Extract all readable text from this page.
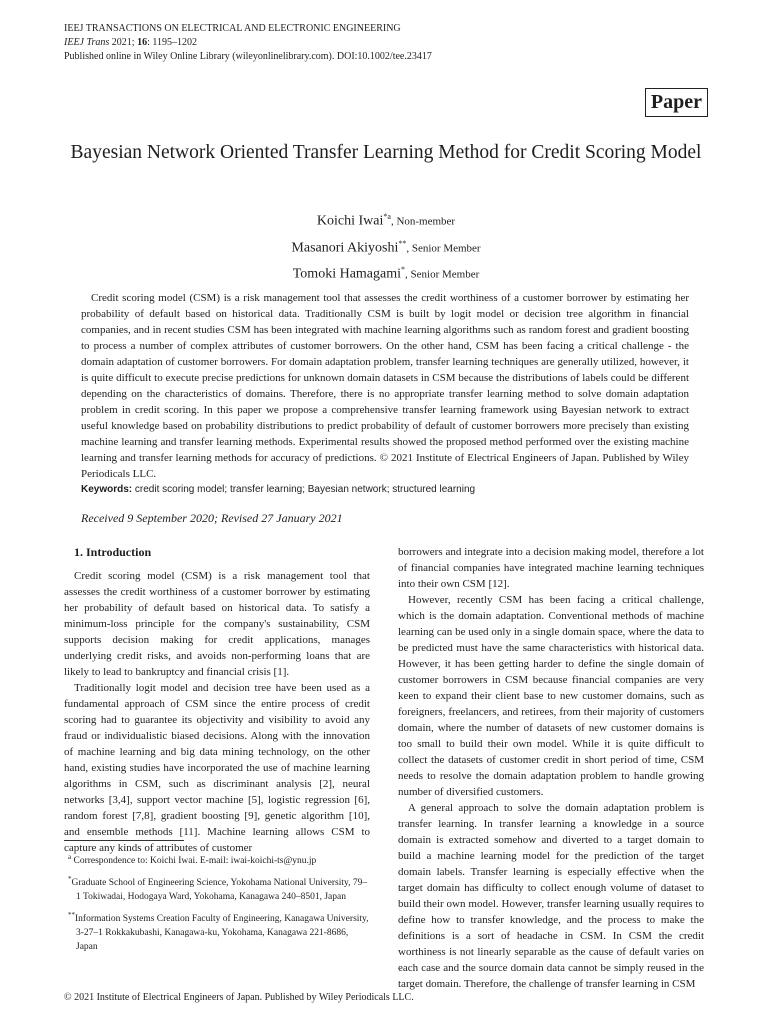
IEEJ TRANSACTIONS ON ELECTRICAL AND ELECTRONIC ENGINEERING
IEEJ Trans 2021; 16: 1195–1202
Published online in Wiley Online Library (wileyonlinelibrary.com). DOI:10.1002/tee.23417
Paper
Bayesian Network Oriented Transfer Learning Method for Credit Scoring Model
Koichi Iwai$^{*a}$, Non-member
Masanori Akiyoshi**, Senior Member
Tomoki Hamagami*, Senior Member
Credit scoring model (CSM) is a risk management tool that assesses the credit worthiness of a customer borrower by estimating her probability of default based on historical data. Traditionally CSM is built by logit model or decision tree algorithm in financial companies, and in recent studies CSM has been integrated with machine learning algorithms such as random forest and gradient boosting to process a number of complex attributes of customer borrowers. On the other hand, CSM has been facing a critical challenge - the domain adaptation of customer borrowers. For domain adaptation problem, transfer learning techniques are generally utilized, however, it is quite difficult to execute precise predictions for unknown domain datasets in CSM because the distributions of labels could be different depending on the characteristics of domains. Therefore, there is no appropriate transfer learning method to solve domain adaptation problem in credit scoring. In this paper we propose a comprehensive transfer learning framework using Bayesian network to extract useful knowledge based on probability distributions to predict probability of default of customer borrowers more precisely than existing machine learning and transfer learning methods. Experimental results showed the proposed method performed over the existing machine learning and transfer learning methods for accuracy of predictions. © 2021 Institute of Electrical Engineers of Japan. Published by Wiley Periodicals LLC.
Keywords: credit scoring model; transfer learning; Bayesian network; structured learning
Received 9 September 2020; Revised 27 January 2021
1. Introduction

Credit scoring model (CSM) is a risk management tool that assesses the credit worthiness of a customer borrower by estimating her probability of default based on historical data. To satisfy a minimum-loss principle for the company's sustainability, CSM supports decision making for credit applications, manages underlying credit risks, and avoids non-performing loans that are likely to lead to bankruptcy and financial crisis [1].

Traditionally logit model and decision tree have been used as a fundamental approach of CSM since the entire process of credit scoring had to guarantee its objectivity and visibility to avoid any fraud or individualistic biased decisions. Along with the innovation of machine learning and big data mining technology, on the other hand, existing studies have incorporated the use of machine learning algorithms in CSM, such as discriminant analysis [2], neural networks [3,4], support vector machine [5], logistic regression [6], random forest [7,8], gradient boosting [9], genetic algorithm [10], and ensemble methods [11]. Machine learning allows CSM to capture any kinds of attributes of customer

borrowers and integrate into a decision making model, therefore a lot of financial companies have integrated machine learning techniques into their own CSM [12].

However, recently CSM has been facing a critical challenge, which is the domain adaptation. Conventional methods of machine learning can be used only in a single domain space, where the data to be predicted must have the same characteristics with historical data. However, it has been getting harder to define the single domain of customer borrowers in CSM because financial companies are very keen to expand their client base to new customer domains, such as foreigners, freelancers, and retirees, from their majority of customers domain, where the number of datasets of new customer domains is too small to build their own model. While it is quite difficult to collect the datasets of customer credit in short period of time, CSM needs to resolve the domain adaptation problem to handle growing number of diversified customers.

A general approach to solve the domain adaptation problem is transfer learning. In transfer learning a knowledge in a source domain is extracted somehow and diverted to a target domain to build a machine learning model for the prediction of the target domain labels. Transfer learning is especially effective when the target domain has difficulty to collect enough volume of dataset to build their own model. However, transfer learning usually requires to define how to transfer knowledge, and the process to make the definitions is a sort of headache in CSM. In CSM the credit worthiness is not linearly separable as the cause of default varies on each case and the source domain data cannot be simply reused in the target domain. Therefore, the challenge of transfer learning in CSM

$^a$ Correspondence to: Koichi Iwai. E-mail: iwai-koichi-ts@ynu.jp

*Graduate School of Engineering Science, Yokohama National University, 79–1 Tokiwadai, Hodogaya Ward, Yokohama, Kanagawa 240–8501, Japan

**Information Systems Creation Faculty of Engineering, Kanagawa University, 3-27–1 Rokkakubashi, Kanagawa-ku, Yokohama, Kanagawa 221-8686, Japan

© 2021 Institute of Electrical Engineers of Japan. Published by Wiley Periodicals LLC.
